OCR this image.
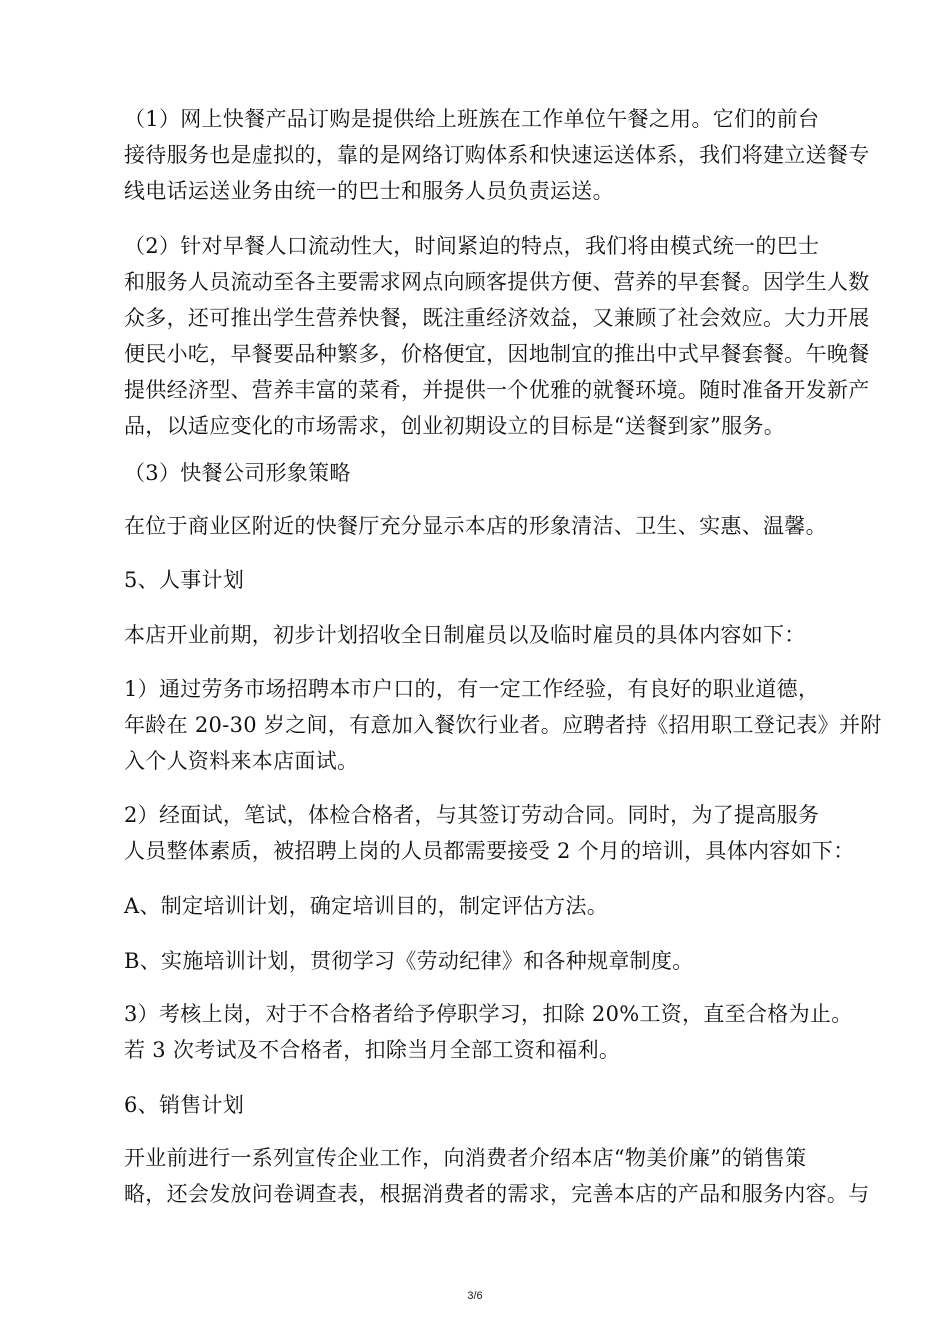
（1）网上快餐产品订购是提供给上班族在工作单位午餐之用。它们的前台
接待服务也是虚拟的，靠的是网络订购体系和快速运送体系，我们将建立送餐专
线电话运送业务由统一的巴士和服务人员负责运送。

（2）针对早餐人口流动性大，时间紧迫的特点，我们将由模式统一的巴士
和服务人员流动至各主要需求网点向顾客提供方便、营养的早套餐。因学生人数
众多，还可推出学生营养快餐，既注重经济效益，又兼顾了社会效应。大力开展
便民小吃，早餐要品种繁多，价格便宜，因地制宜的推出中式早餐套餐。午晚餐
提供经济型、营养丰富的菜肴，并提供一个优雅的就餐环境。随时准备开发新产
品，以适应变化的市场需求，创业初期设立的目标是“送餐到家”服务。

（3）快餐公司形象策略

在位于商业区附近的快餐厅充分显示本店的形象清洁、卫生、实惠、温馨。

5、人事计划

本店开业前期，初步计划招收全日制雇员以及临时雇员的具体内容如下：

1）通过劳务市场招聘本市户口的，有一定工作经验，有良好的职业道德，
年龄在 20-30 岁之间，有意加入餐饮行业者。应聘者持《招用职工登记表》并附
入个人资料来本店面试。

2）经面试，笔试，体检合格者，与其签订劳动合同。同时，为了提高服务
人员整体素质，被招聘上岗的人员都需要接受 2 个月的培训，具体内容如下：

A、制定培训计划，确定培训目的，制定评估方法。

B、实施培训计划，贯彻学习《劳动纪律》和各种规章制度。

3）考核上岗，对于不合格者给予停职学习，扣除 20%工资，直至合格为止。
若 3 次考试及不合格者，扣除当月全部工资和福利。

6、销售计划

开业前进行一系列宣传企业工作，向消费者介绍本店“物美价廉”的销售策
略，还会发放问卷调查表，根据消费者的需求，完善本店的产品和服务内容。与

3/6
